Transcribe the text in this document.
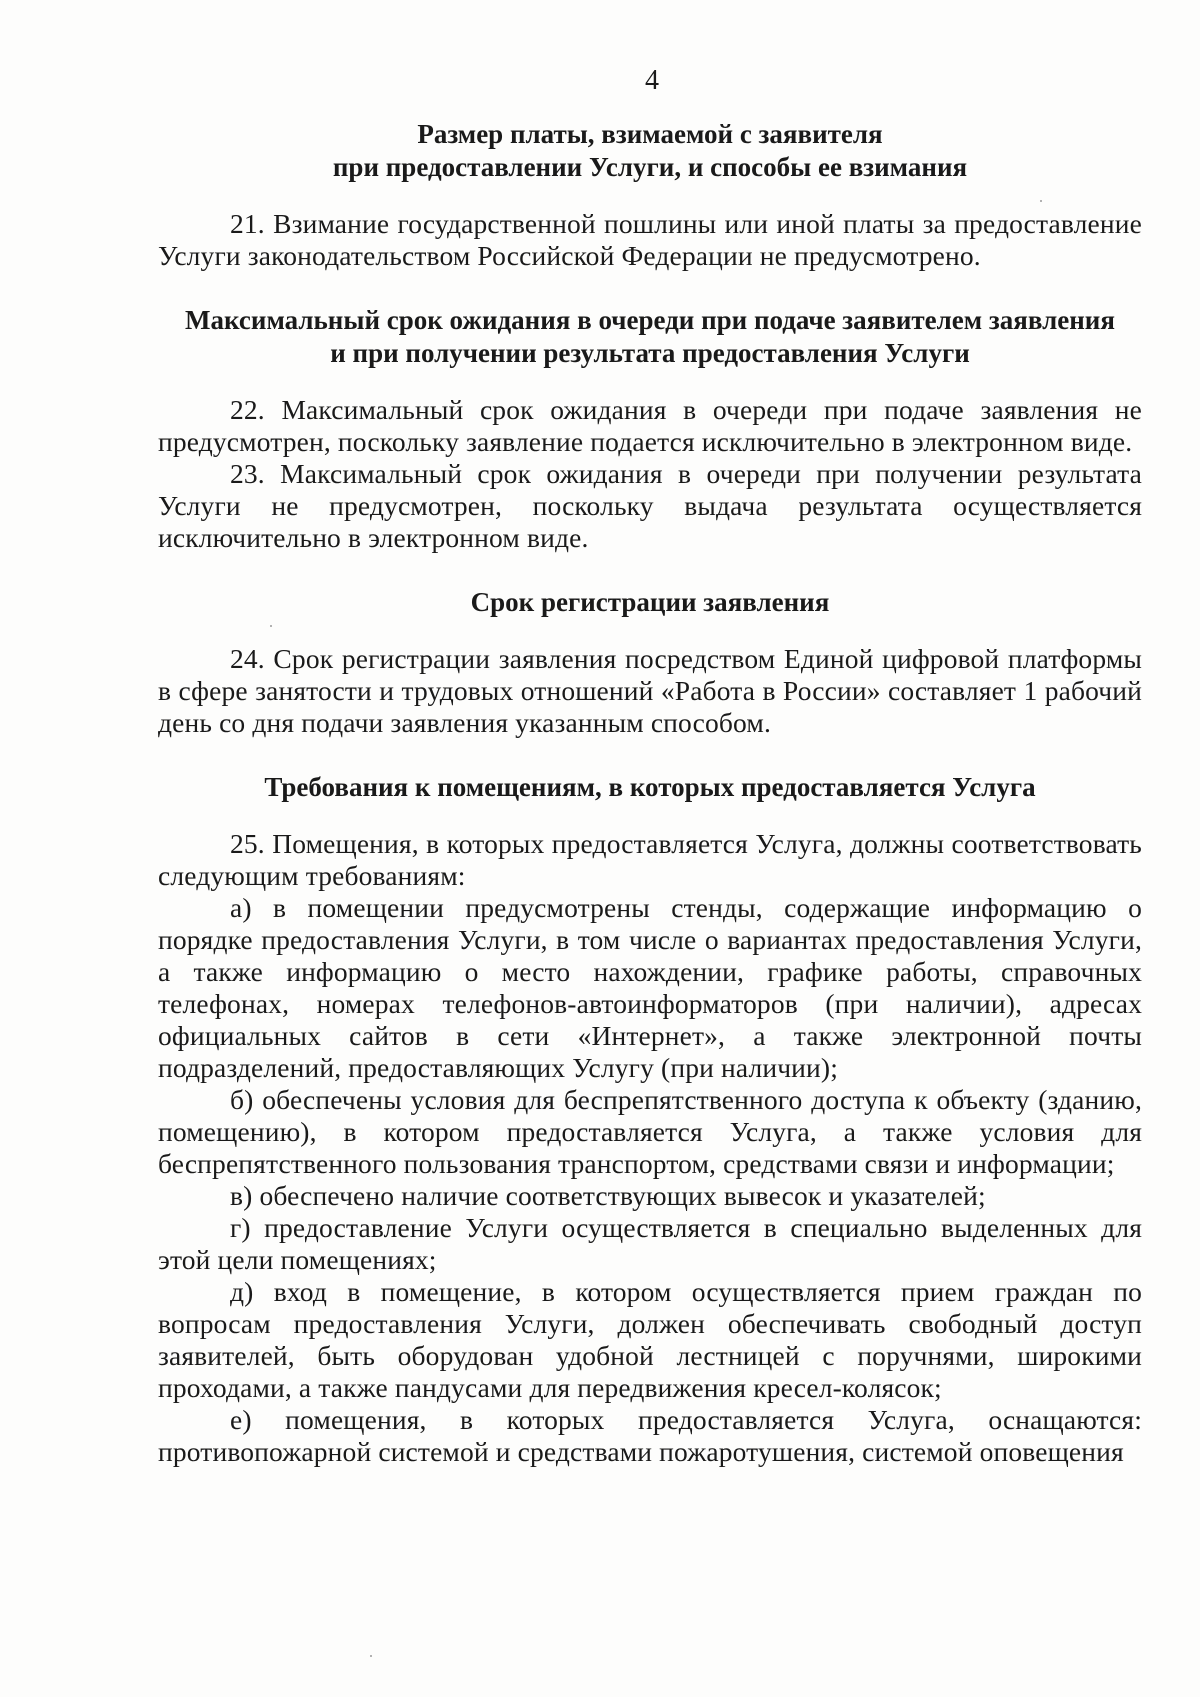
4

Размер платы, взимаемой с заявителя

при предоставлении Услуги, и способы ее взимания

21. Взимание государственной пошлины или иной платы за предоставление Услуги законодательством Российской Федерации не предусмотрено.

Максимальный срок ожидания в очереди при подаче заявителем заявления

и при получении результата предоставления Услуги

22. Максимальный срок ожидания в очереди при подаче заявления не предусмотрен, поскольку заявление подается исключительно в электронном виде.

23. Максимальный срок ожидания в очереди при получении результата Услуги не предусмотрен, поскольку выдача результата осуществляется исключительно в электронном виде.

Срок регистрации заявления

24. Срок регистрации заявления посредством Единой цифровой платформы в сфере занятости и трудовых отношений «Работа в России» составляет 1 рабочий день со дня подачи заявления указанным способом.

Требования к помещениям, в которых предоставляется Услуга

25. Помещения, в которых предоставляется Услуга, должны соответствовать следующим требованиям:

а) в помещении предусмотрены стенды, содержащие информацию о порядке предоставления Услуги, в том числе о вариантах предоставления Услуги, а также информацию о место нахождении, графике работы, справочных телефонах, номерах телефонов-автоинформаторов (при наличии), адресах официальных сайтов в сети «Интернет», а также электронной почты подразделений, предоставляющих Услугу (при наличии);

б) обеспечены условия для беспрепятственного доступа к объекту (зданию, помещению), в котором предоставляется Услуга, а также условия для беспрепятственного пользования транспортом, средствами связи и информации;

в) обеспечено наличие соответствующих вывесок и указателей;

г) предоставление Услуги осуществляется в специально выделенных для этой цели помещениях;

д) вход в помещение, в котором осуществляется прием граждан по вопросам предоставления Услуги, должен обеспечивать свободный доступ заявителей, быть оборудован удобной лестницей с поручнями, широкими проходами, а также пандусами для передвижения кресел-колясок;

е) помещения, в которых предоставляется Услуга, оснащаются: противопожарной системой и средствами пожаротушения, системой оповещения
